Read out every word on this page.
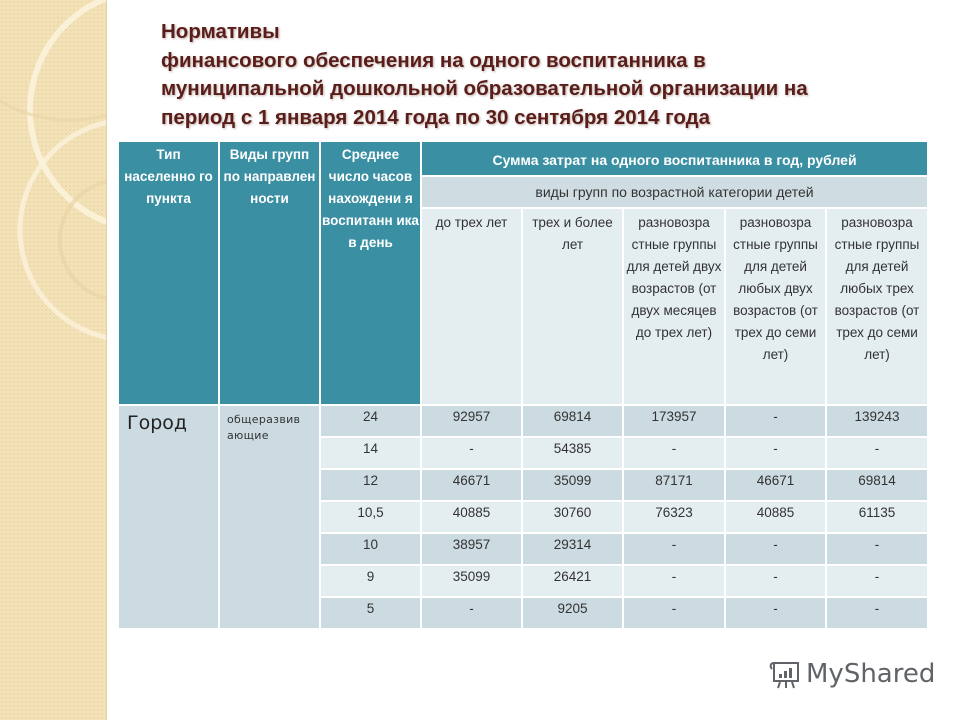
Нормативы
финансового обеспечения на одного воспитанника в
муниципальной дошкольной образовательной организации на
период с 1 января 2014 года по 30 сентября 2014 года
Тип населенно го пункта	Виды групп по направлен ности	Среднее число часов нахождени я воспитанн ика в день	Сумма затрат на одного воспитанника в год, рублей				
			виды групп по возрастной категории детей				
			до трех лет	трех и более лет	разновозра стные группы для детей двух возрастов (от двух месяцев до трех лет)	разновозра стные группы для детей любых двух возрастов (от трех до семи лет)	разновозра стные группы для детей любых трех возрастов (от трех до семи лет)
Город	общеразвив ающие	24	92957	69814	173957	-	139243
		14	-	54385	-	-	-
		12	46671	35099	87171	46671	69814
		10,5	40885	30760	76323	40885	61135
		10	38957	29314	-	-	-
		9	35099	26421	-	-	-
		5	-	9205	-	-	-
MyShared
